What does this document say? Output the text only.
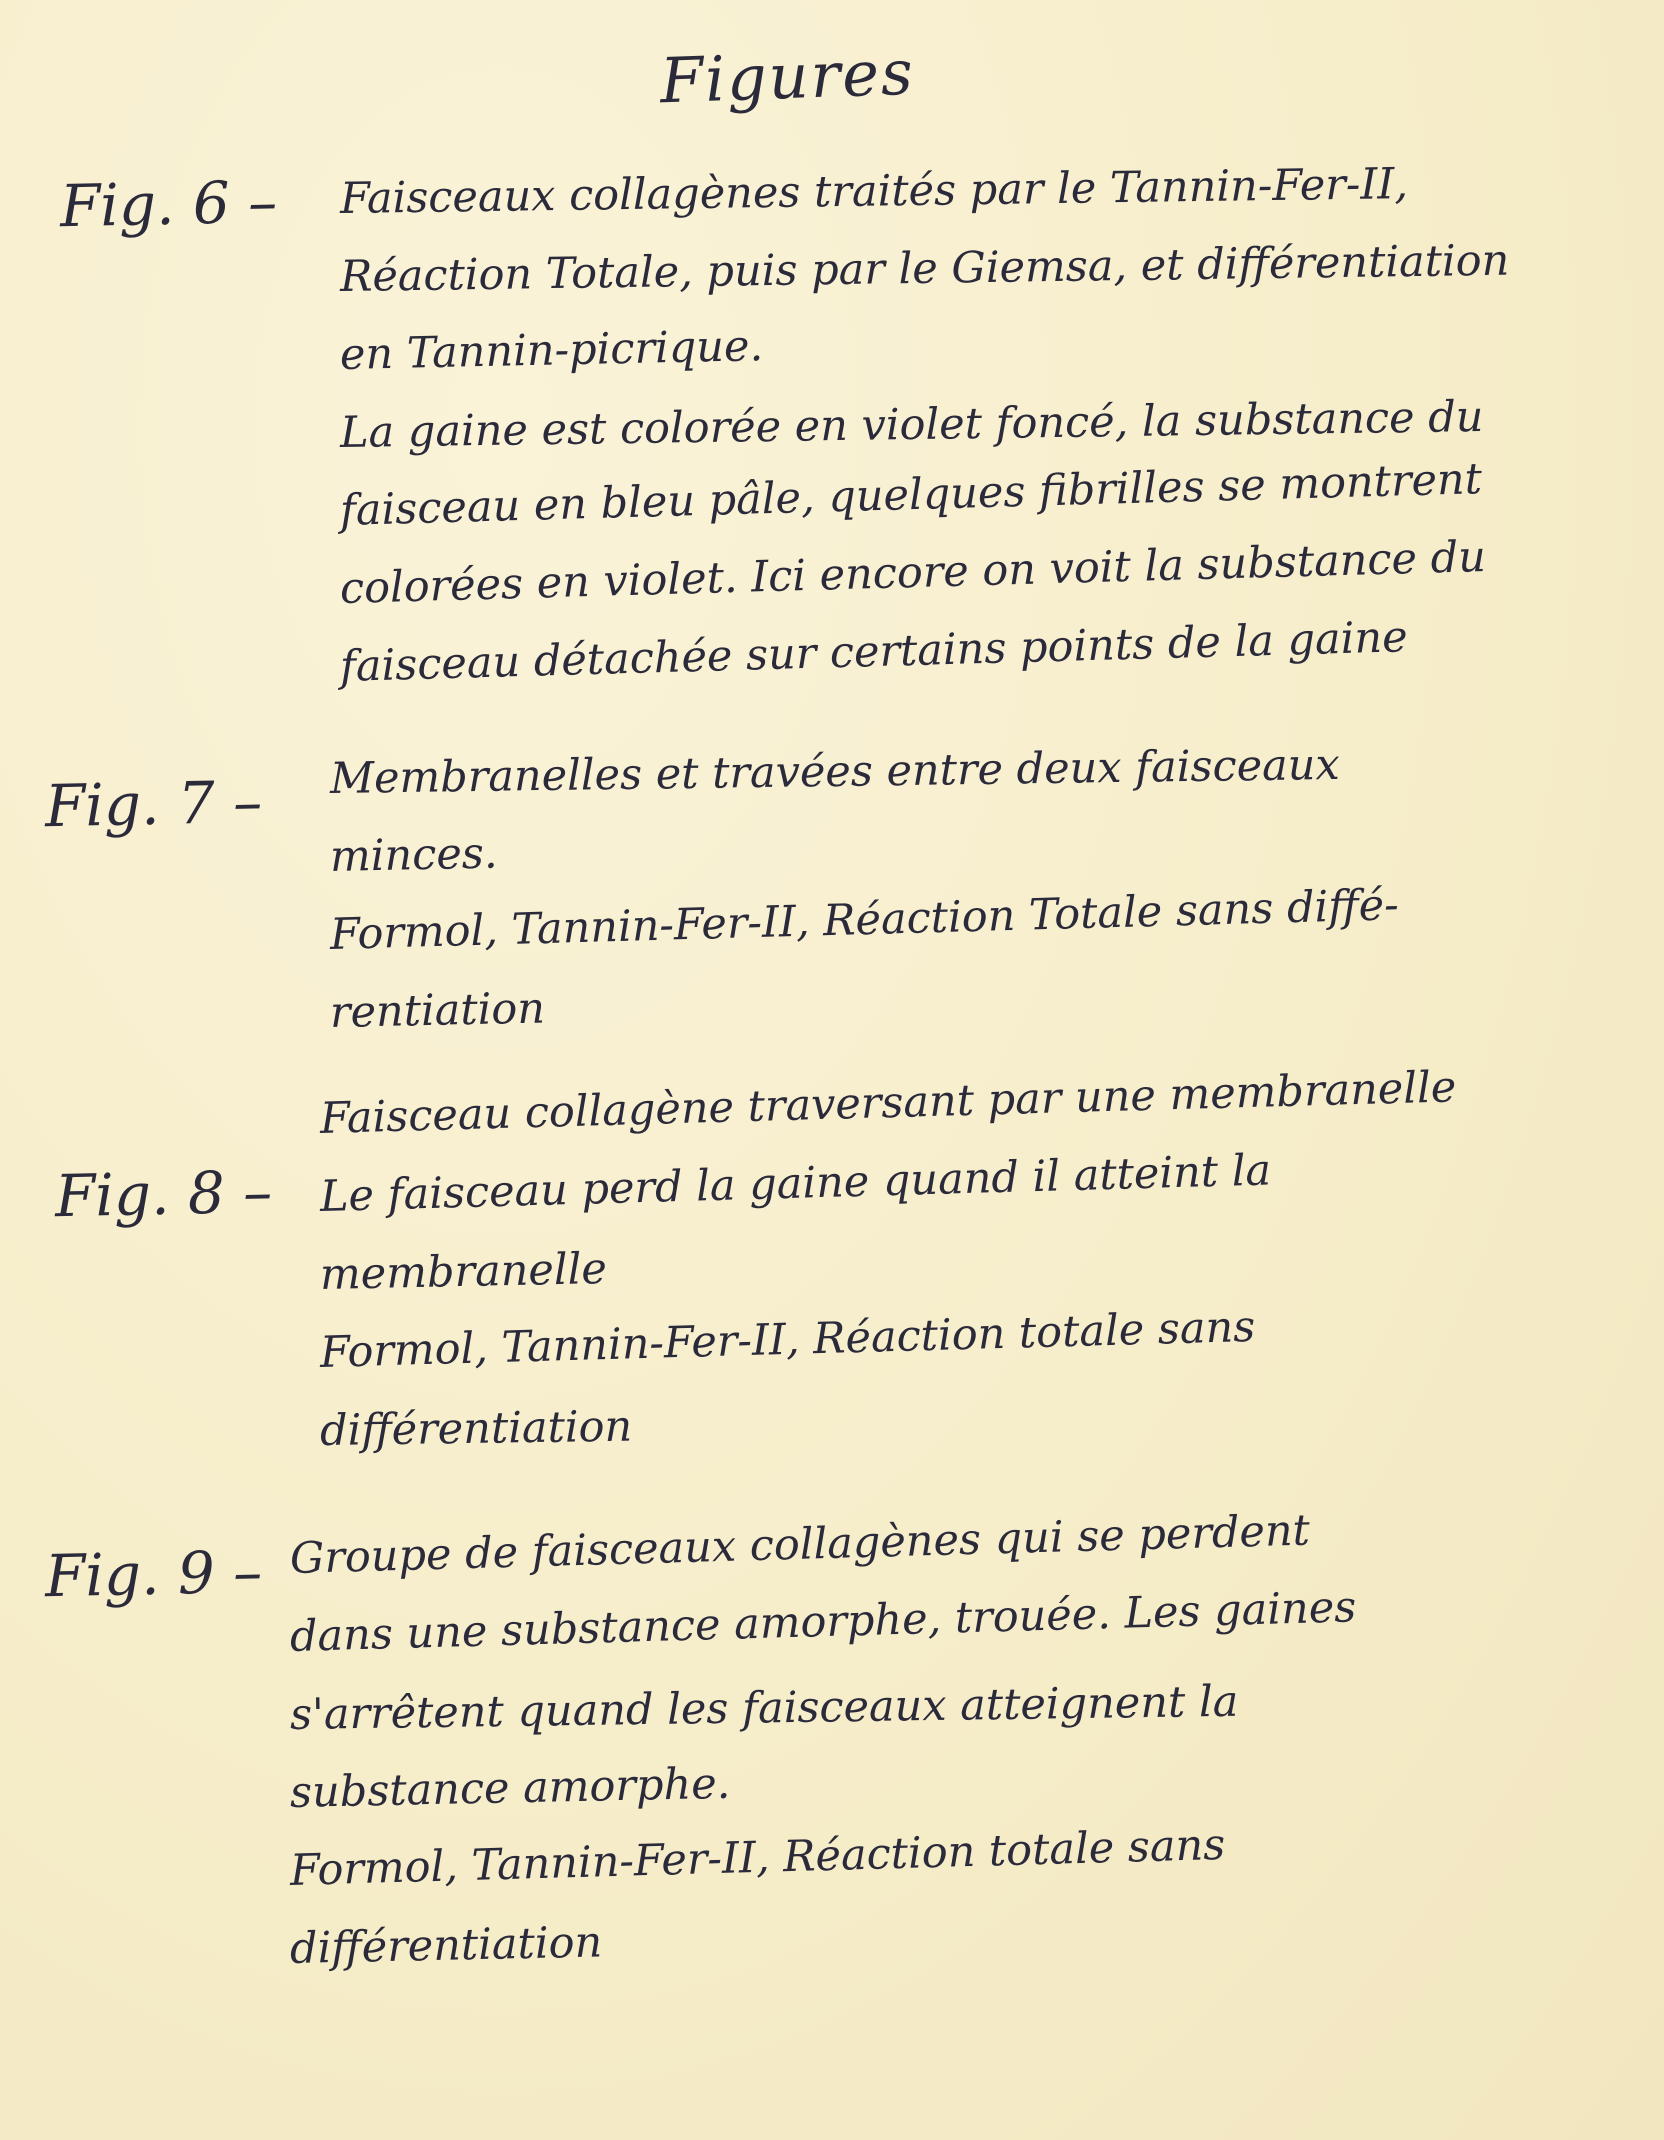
Figures
Fig. 6 – Faisceaux collagènes traités par le Tannin-Fer-II,
Réaction Totale, puis par le Giemsa, et différentiation
en Tannin-picrique.
La gaine est colorée en violet foncé, la substance du
faisceau en bleu pâle, quelques fibrilles se montrent
colorées en violet. Ici encore on voit la substance du
faisceau détachée sur certains points de la gaine
Fig. 7 – Membranelles et travées entre deux faisceaux
minces.
Formol, Tannin-Fer-II, Réaction Totale sans diffé-
rentiation
Fig. 8 –
Faisceau collagène traversant par une membranelle
Le faisceau perd la gaine quand il atteint la
membranelle
Formol, Tannin-Fer-II, Réaction totale sans
différentiation
Fig. 9 – Groupe de faisceaux collagènes qui se perdent
dans une substance amorphe, trouée. Les gaines
s'arrêtent quand les faisceaux atteignent la
substance amorphe.
Formol, Tannin-Fer-II, Réaction totale sans
différentiation
